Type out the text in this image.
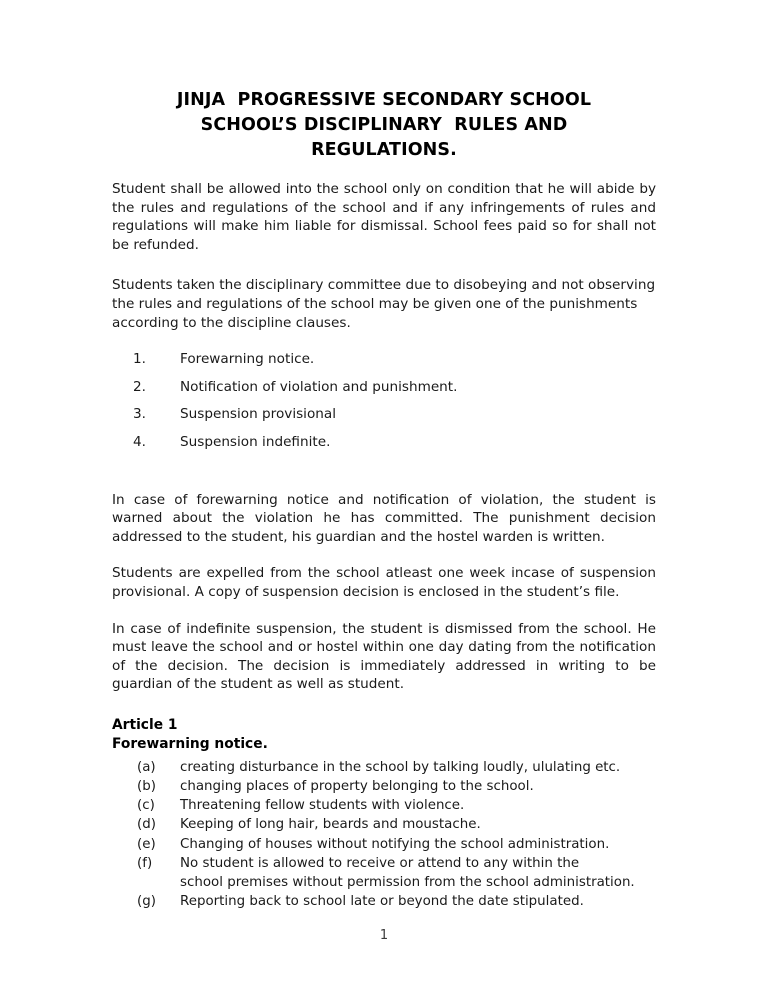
JINJA  PROGRESSIVE SECONDARY SCHOOL
SCHOOL’S DISCIPLINARY  RULES AND
REGULATIONS.

Student shall be allowed into the school only on condition that he will abide by the rules and regulations of the school and if any infringements of rules and regulations will make him liable for dismissal. School fees paid so for shall not be refunded.

Students taken the disciplinary committee due to disobeying and not observing the rules and regulations of the school may be given one of the punishments according to the discipline clauses.

1.	Forewarning notice.
2.	Notification of violation and punishment.
3.	Suspension provisional
4.	Suspension indefinite.

In case of forewarning notice and notification of violation, the student is warned about the violation he has committed. The punishment decision addressed to the student, his guardian and the hostel warden is written.

Students are expelled from the school atleast one week incase of suspension provisional. A copy of suspension decision is enclosed in the student’s file.

In case of indefinite suspension, the student is dismissed from the school. He must leave the school and or hostel within one day dating from the notification of the decision. The decision is immediately addressed in writing to be guardian of the student as well as student.

Article 1
Forewarning notice.
(a)	creating disturbance in the school by talking loudly, ululating etc.
(b)	changing places of property belonging to the school.
(c)	Threatening fellow students with violence.
(d)	Keeping of long hair, beards and moustache.
(e)	Changing of houses without notifying the school administration.
(f)	No student is allowed to receive or attend to any within the
school premises without permission from the school administration.
(g)	Reporting back to school late or beyond the date stipulated.
1
